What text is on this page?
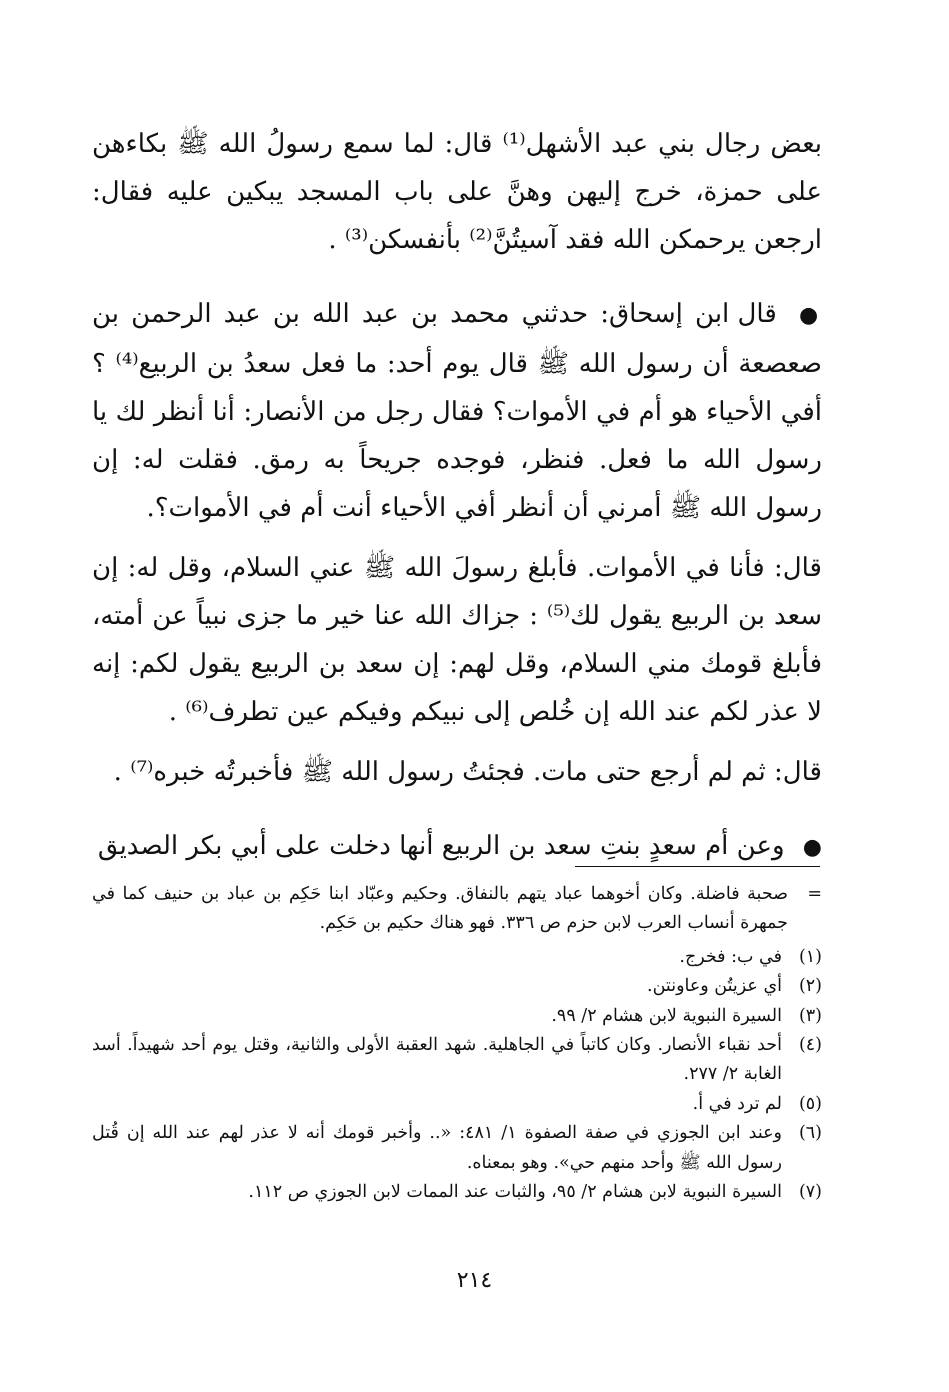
بعض رجال بني عبد الأشهل⁽¹⁾ قال: لما سمع رسولُ الله ﷺ بكاءهن على حمزة، خرج إليهن وهنَّ على باب المسجد يبكين عليه فقال: ارجعن يرحمكن الله فقد آسيتُنَّ⁽²⁾ بأنفسكن⁽³⁾ .

● قال ابن إسحاق: حدثني محمد بن عبد الله بن عبد الرحمن بن صعصعة أن رسول الله ﷺ قال يوم أحد: ما فعل سعدُ بن الربيع⁽⁴⁾ ؟ أفي الأحياء هو أم في الأموات؟ فقال رجل من الأنصار: أنا أنظر لك يا رسول الله ما فعل. فنظر، فوجده جريحاً به رمق. فقلت له: إن رسول الله ﷺ أمرني أن أنظر أفي الأحياء أنت أم في الأموات؟.

قال: فأنا في الأموات. فأبلغ رسولَ الله ﷺ عني السلام، وقل له: إن سعد بن الربيع يقول لك⁽⁵⁾ : جزاك الله عنا خير ما جزى نبياً عن أمته، فأبلغ قومك مني السلام، وقل لهم: إن سعد بن الربيع يقول لكم: إنه لا عذر لكم عند الله إن خُلص إلى نبيكم وفيكم عين تطرف⁽⁶⁾ .

قال: ثم لم أرجع حتى مات. فجئتُ رسول الله ﷺ فأخبرتُه خبره⁽⁷⁾ .

● وعن أم سعدٍ بنتِ سعد بن الربيع أنها دخلت على أبي بكر الصديق

=
صحبة فاضلة. وكان أخوهما عباد يتهم بالنفاق. وحكيم وعبّاد ابنا حَكِم بن عباد بن حنيف كما في جمهرة أنساب العرب لابن حزم ص ٣٣٦. فهو هناك حكيم بن حَكِم.

(١)
في ب: فخرج.
(٢)
أي عزيتُن وعاونتن.
(٣)
السيرة النبوية لابن هشام ٢/ ٩٩.
(٤)
أحد نقباء الأنصار. وكان كاتباً في الجاهلية. شهد العقبة الأولى والثانية، وقتل يوم أحد شهيداً. أسد الغابة ٢/ ٢٧٧.
(٥)
لم ترد في أ.
(٦)
وعند ابن الجوزي في صفة الصفوة ١/ ٤٨١: «.. وأخبر قومك أنه لا عذر لهم عند الله إن قُتل رسول الله ﷺ وأحد منهم حي». وهو بمعناه.
(٧)
السيرة النبوية لابن هشام ٢/ ٩٥، والثبات عند الممات لابن الجوزي ص ١١٢.
٢١٤
